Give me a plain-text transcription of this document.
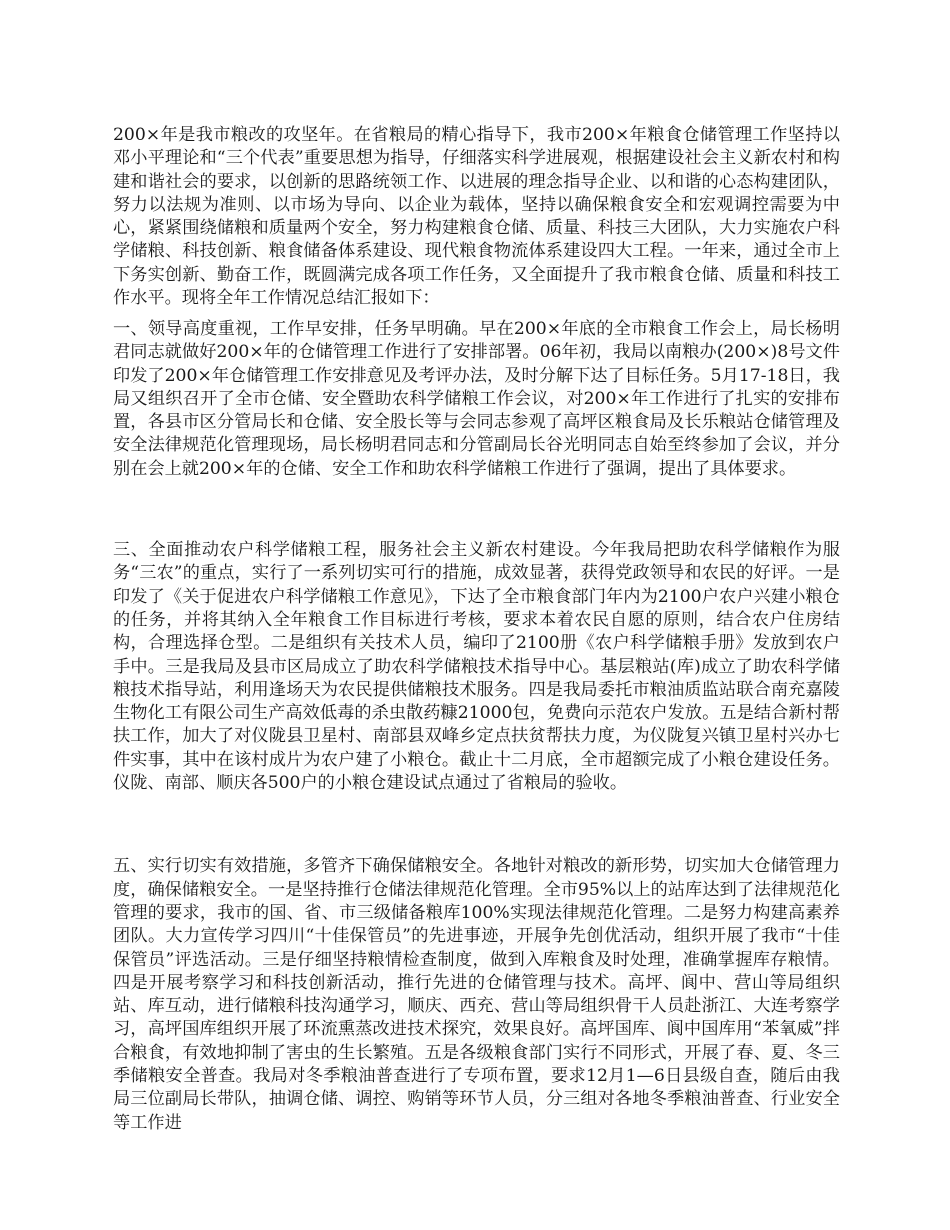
200×年是我市粮改的攻坚年。在省粮局的精心指导下，我市200×年粮食仓储管理工作坚持以邓小平理论和“三个代表”重要思想为指导，仔细落实科学进展观，根据建设社会主义新农村和构建和谐社会的要求，以创新的思路统领工作、以进展的理念指导企业、以和谐的心态构建团队，努力以法规为准则、以市场为导向、以企业为载体，坚持以确保粮食安全和宏观调控需要为中心，紧紧围绕储粮和质量两个安全，努力构建粮食仓储、质量、科技三大团队，大力实施农户科学储粮、科技创新、粮食储备体系建设、现代粮食物流体系建设四大工程。一年来，通过全市上下务实创新、勤奋工作，既圆满完成各项工作任务，又全面提升了我市粮食仓储、质量和科技工作水平。现将全年工作情况总结汇报如下：

一、领导高度重视，工作早安排，任务早明确。早在200×年底的全市粮食工作会上，局长杨明君同志就做好200×年的仓储管理工作进行了安排部署。06年初，我局以南粮办(200×)8号文件印发了200×年仓储管理工作安排意见及考评办法，及时分解下达了目标任务。5月17-18日，我局又组织召开了全市仓储、安全暨助农科学储粮工作会议，对200×年工作进行了扎实的安排布置，各县市区分管局长和仓储、安全股长等与会同志参观了高坪区粮食局及长乐粮站仓储管理及安全法律规范化管理现场，局长杨明君同志和分管副局长谷光明同志自始至终参加了会议，并分别在会上就200×年的仓储、安全工作和助农科学储粮工作进行了强调，提出了具体要求。

三、全面推动农户科学储粮工程，服务社会主义新农村建设。今年我局把助农科学储粮作为服务“三农”的重点，实行了一系列切实可行的措施，成效显著，获得党政领导和农民的好评。一是印发了《关于促进农户科学储粮工作意见》，下达了全市粮食部门年内为2100户农户兴建小粮仓的任务，并将其纳入全年粮食工作目标进行考核，要求本着农民自愿的原则，结合农户住房结构，合理选择仓型。二是组织有关技术人员，编印了2100册《农户科学储粮手册》发放到农户手中。三是我局及县市区局成立了助农科学储粮技术指导中心。基层粮站(库)成立了助农科学储粮技术指导站，利用逢场天为农民提供储粮技术服务。四是我局委托市粮油质监站联合南充嘉陵生物化工有限公司生产高效低毒的杀虫散药糠21000包，免费向示范农户发放。五是结合新村帮扶工作，加大了对仪陇县卫星村、南部县双峰乡定点扶贫帮扶力度，为仪陇复兴镇卫星村兴办七件实事，其中在该村成片为农户建了小粮仓。截止十二月底，全市超额完成了小粮仓建设任务。仪陇、南部、顺庆各500户的小粮仓建设试点通过了省粮局的验收。

五、实行切实有效措施，多管齐下确保储粮安全。各地针对粮改的新形势，切实加大仓储管理力度，确保储粮安全。一是坚持推行仓储法律规范化管理。全市95%以上的站库达到了法律规范化管理的要求，我市的国、省、市三级储备粮库100%实现法律规范化管理。二是努力构建高素养团队。大力宣传学习四川“十佳保管员”的先进事迹，开展争先创优活动，组织开展了我市“十佳保管员”评选活动。三是仔细坚持粮情检查制度，做到入库粮食及时处理，准确掌握库存粮情。四是开展考察学习和科技创新活动，推行先进的仓储管理与技术。高坪、阆中、营山等局组织站、库互动，进行储粮科技沟通学习，顺庆、西充、营山等局组织骨干人员赴浙江、大连考察学习，高坪国库组织开展了环流熏蒸改进技术探究，效果良好。高坪国库、阆中国库用“苯氧威”拌合粮食，有效地抑制了害虫的生长繁殖。五是各级粮食部门实行不同形式，开展了春、夏、冬三季储粮安全普查。我局对冬季粮油普查进行了专项布置，要求12月1—6日县级自查，随后由我局三位副局长带队，抽调仓储、调控、购销等环节人员，分三组对各地冬季粮油普查、行业安全等工作进
